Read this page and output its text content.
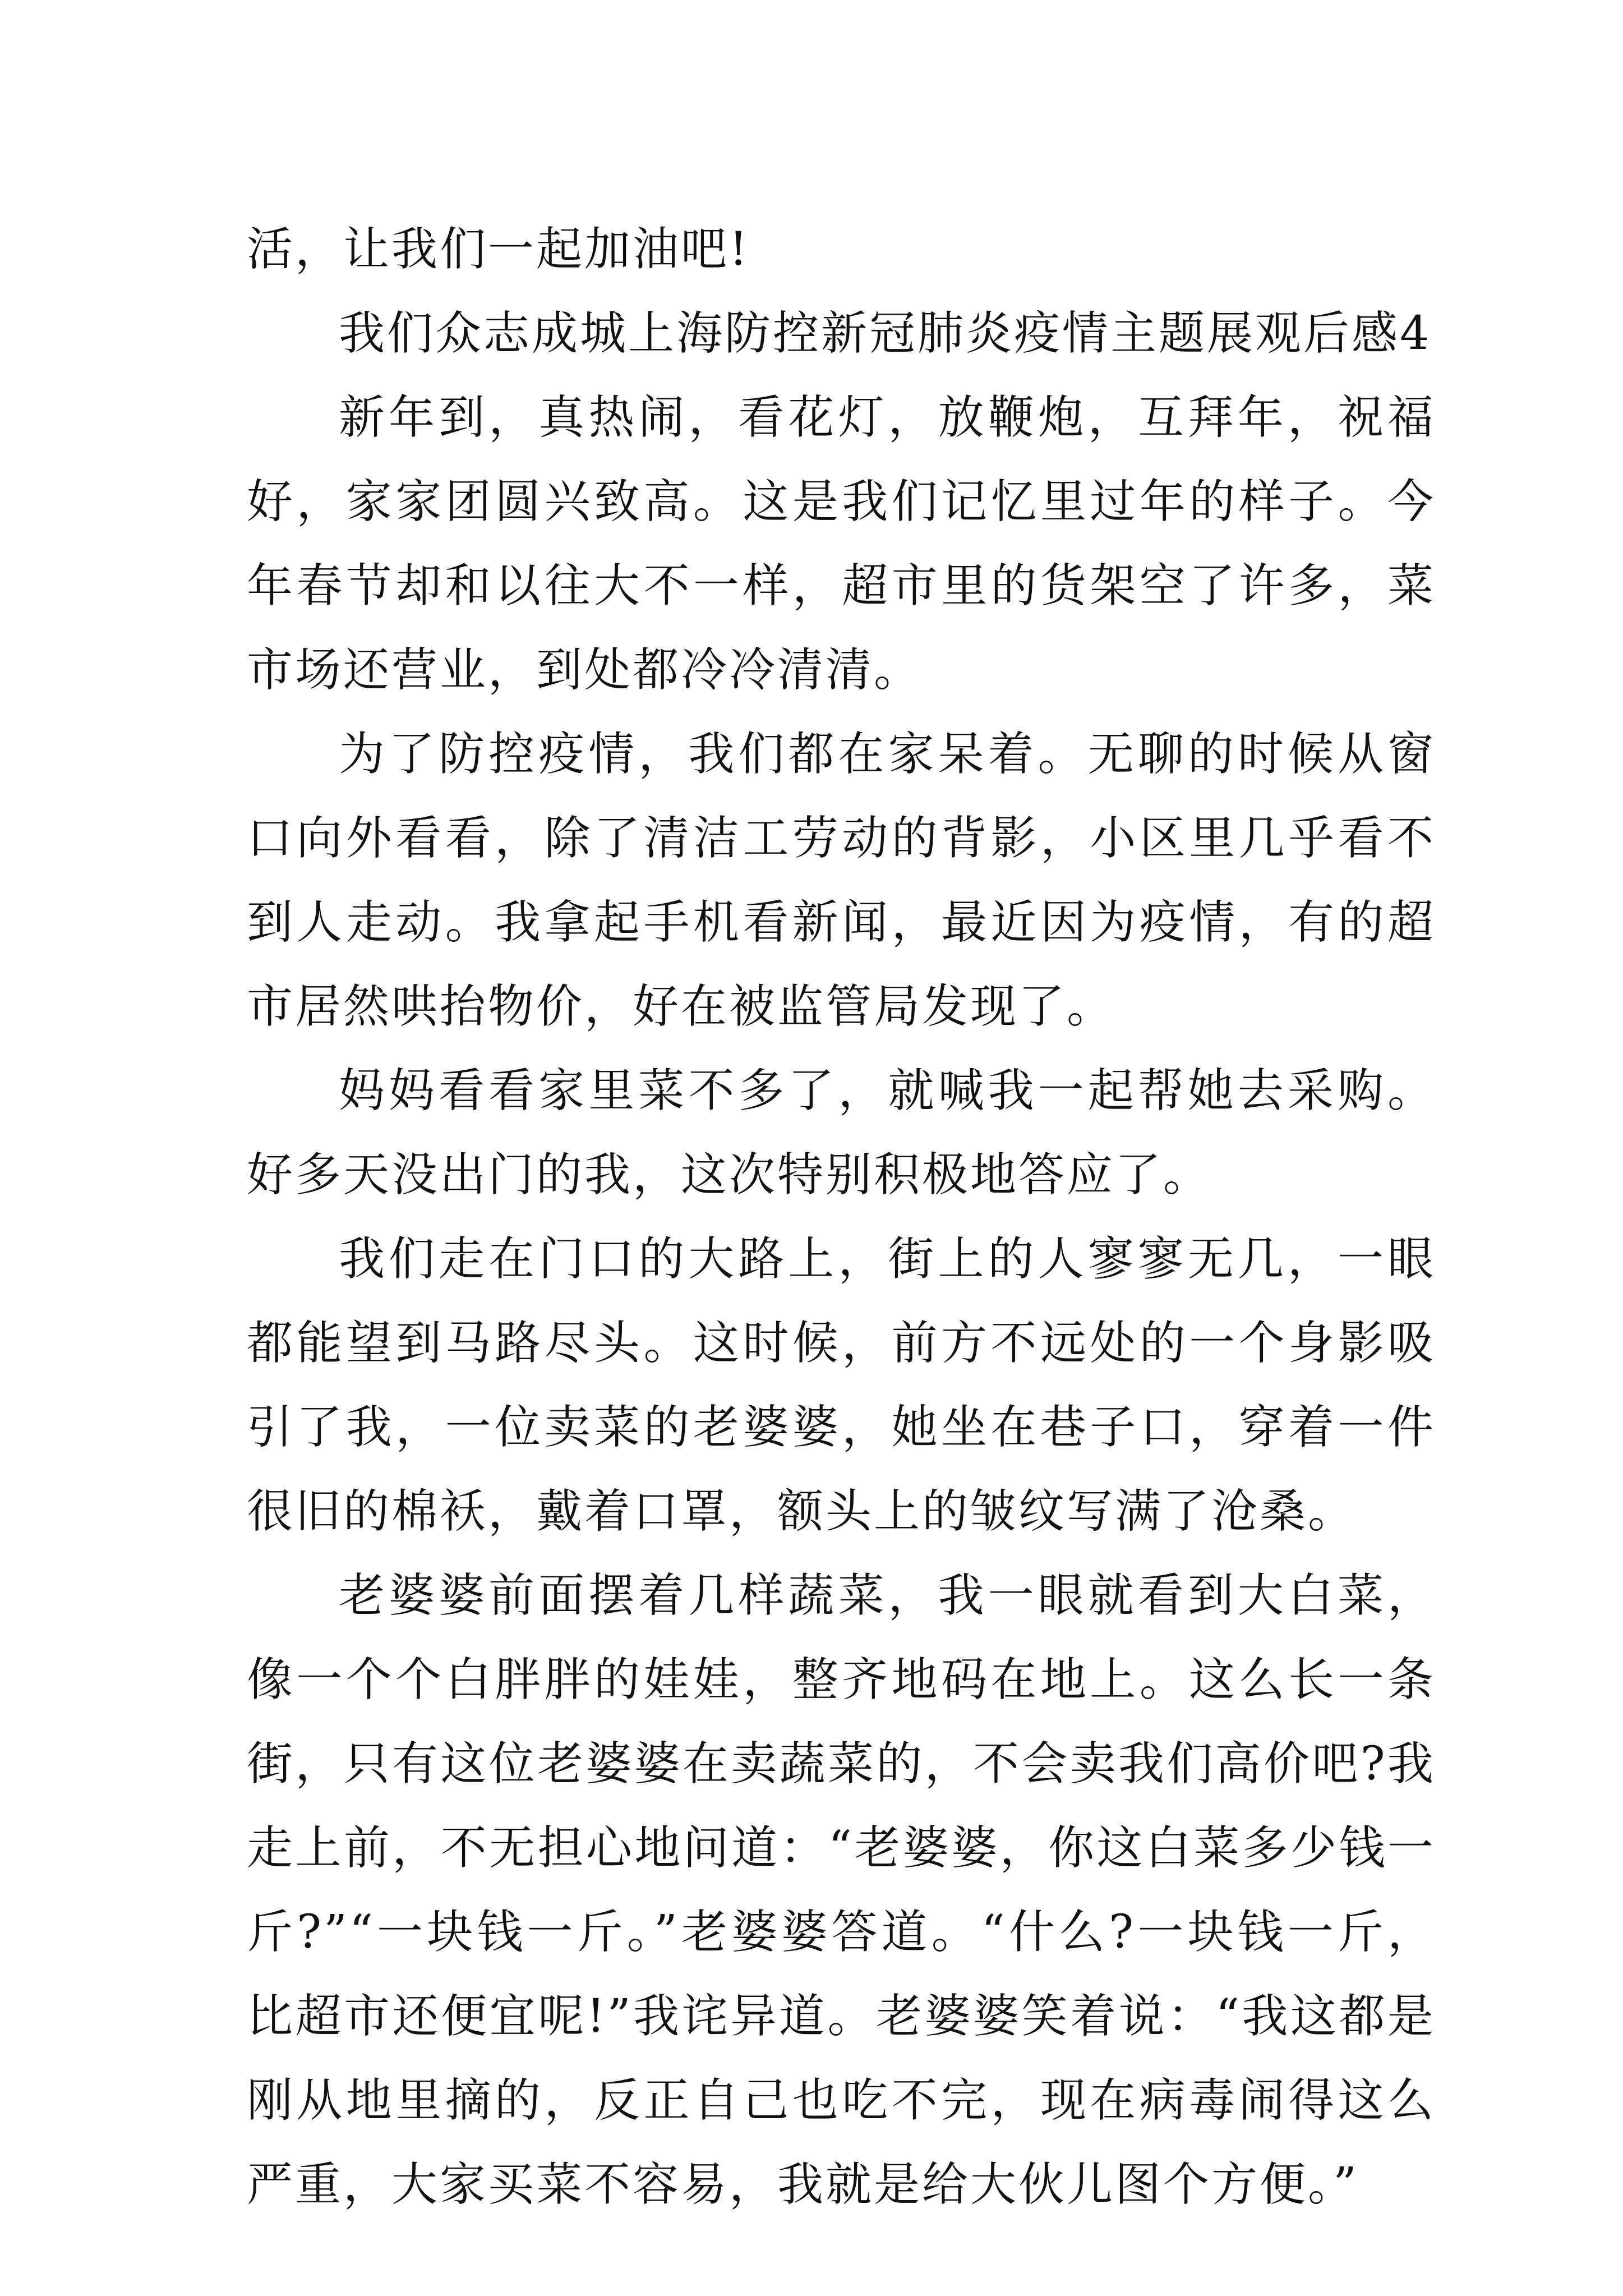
活，让我们一起加油吧!

我们众志成城上海防控新冠肺炎疫情主题展观后感4

新年到，真热闹，看花灯，放鞭炮，互拜年，祝福好，家家团圆兴致高。这是我们记忆里过年的样子。今年春节却和以往大不一样，超市里的货架空了许多，菜市场还营业，到处都冷冷清清。

为了防控疫情，我们都在家呆着。无聊的时候从窗口向外看看，除了清洁工劳动的背影，小区里几乎看不到人走动。我拿起手机看新闻，最近因为疫情，有的超市居然哄抬物价，好在被监管局发现了。

妈妈看看家里菜不多了，就喊我一起帮她去采购。好多天没出门的我，这次特别积极地答应了。

我们走在门口的大路上，街上的人寥寥无几，一眼都能望到马路尽头。这时候，前方不远处的一个身影吸引了我，一位卖菜的老婆婆，她坐在巷子口，穿着一件很旧的棉袄，戴着口罩，额头上的皱纹写满了沧桑。

老婆婆前面摆着几样蔬菜，我一眼就看到大白菜，像一个个白胖胖的娃娃，整齐地码在地上。这么长一条街，只有这位老婆婆在卖蔬菜的，不会卖我们高价吧?我走上前，不无担心地问道：“老婆婆，你这白菜多少钱一斤?”“一块钱一斤。”老婆婆答道。“什么?一块钱一斤，比超市还便宜呢!”我诧异道。老婆婆笑着说：“我这都是刚从地里摘的，反正自己也吃不完，现在病毒闹得这么严重，大家买菜不容易，我就是给大伙儿图个方便。”
